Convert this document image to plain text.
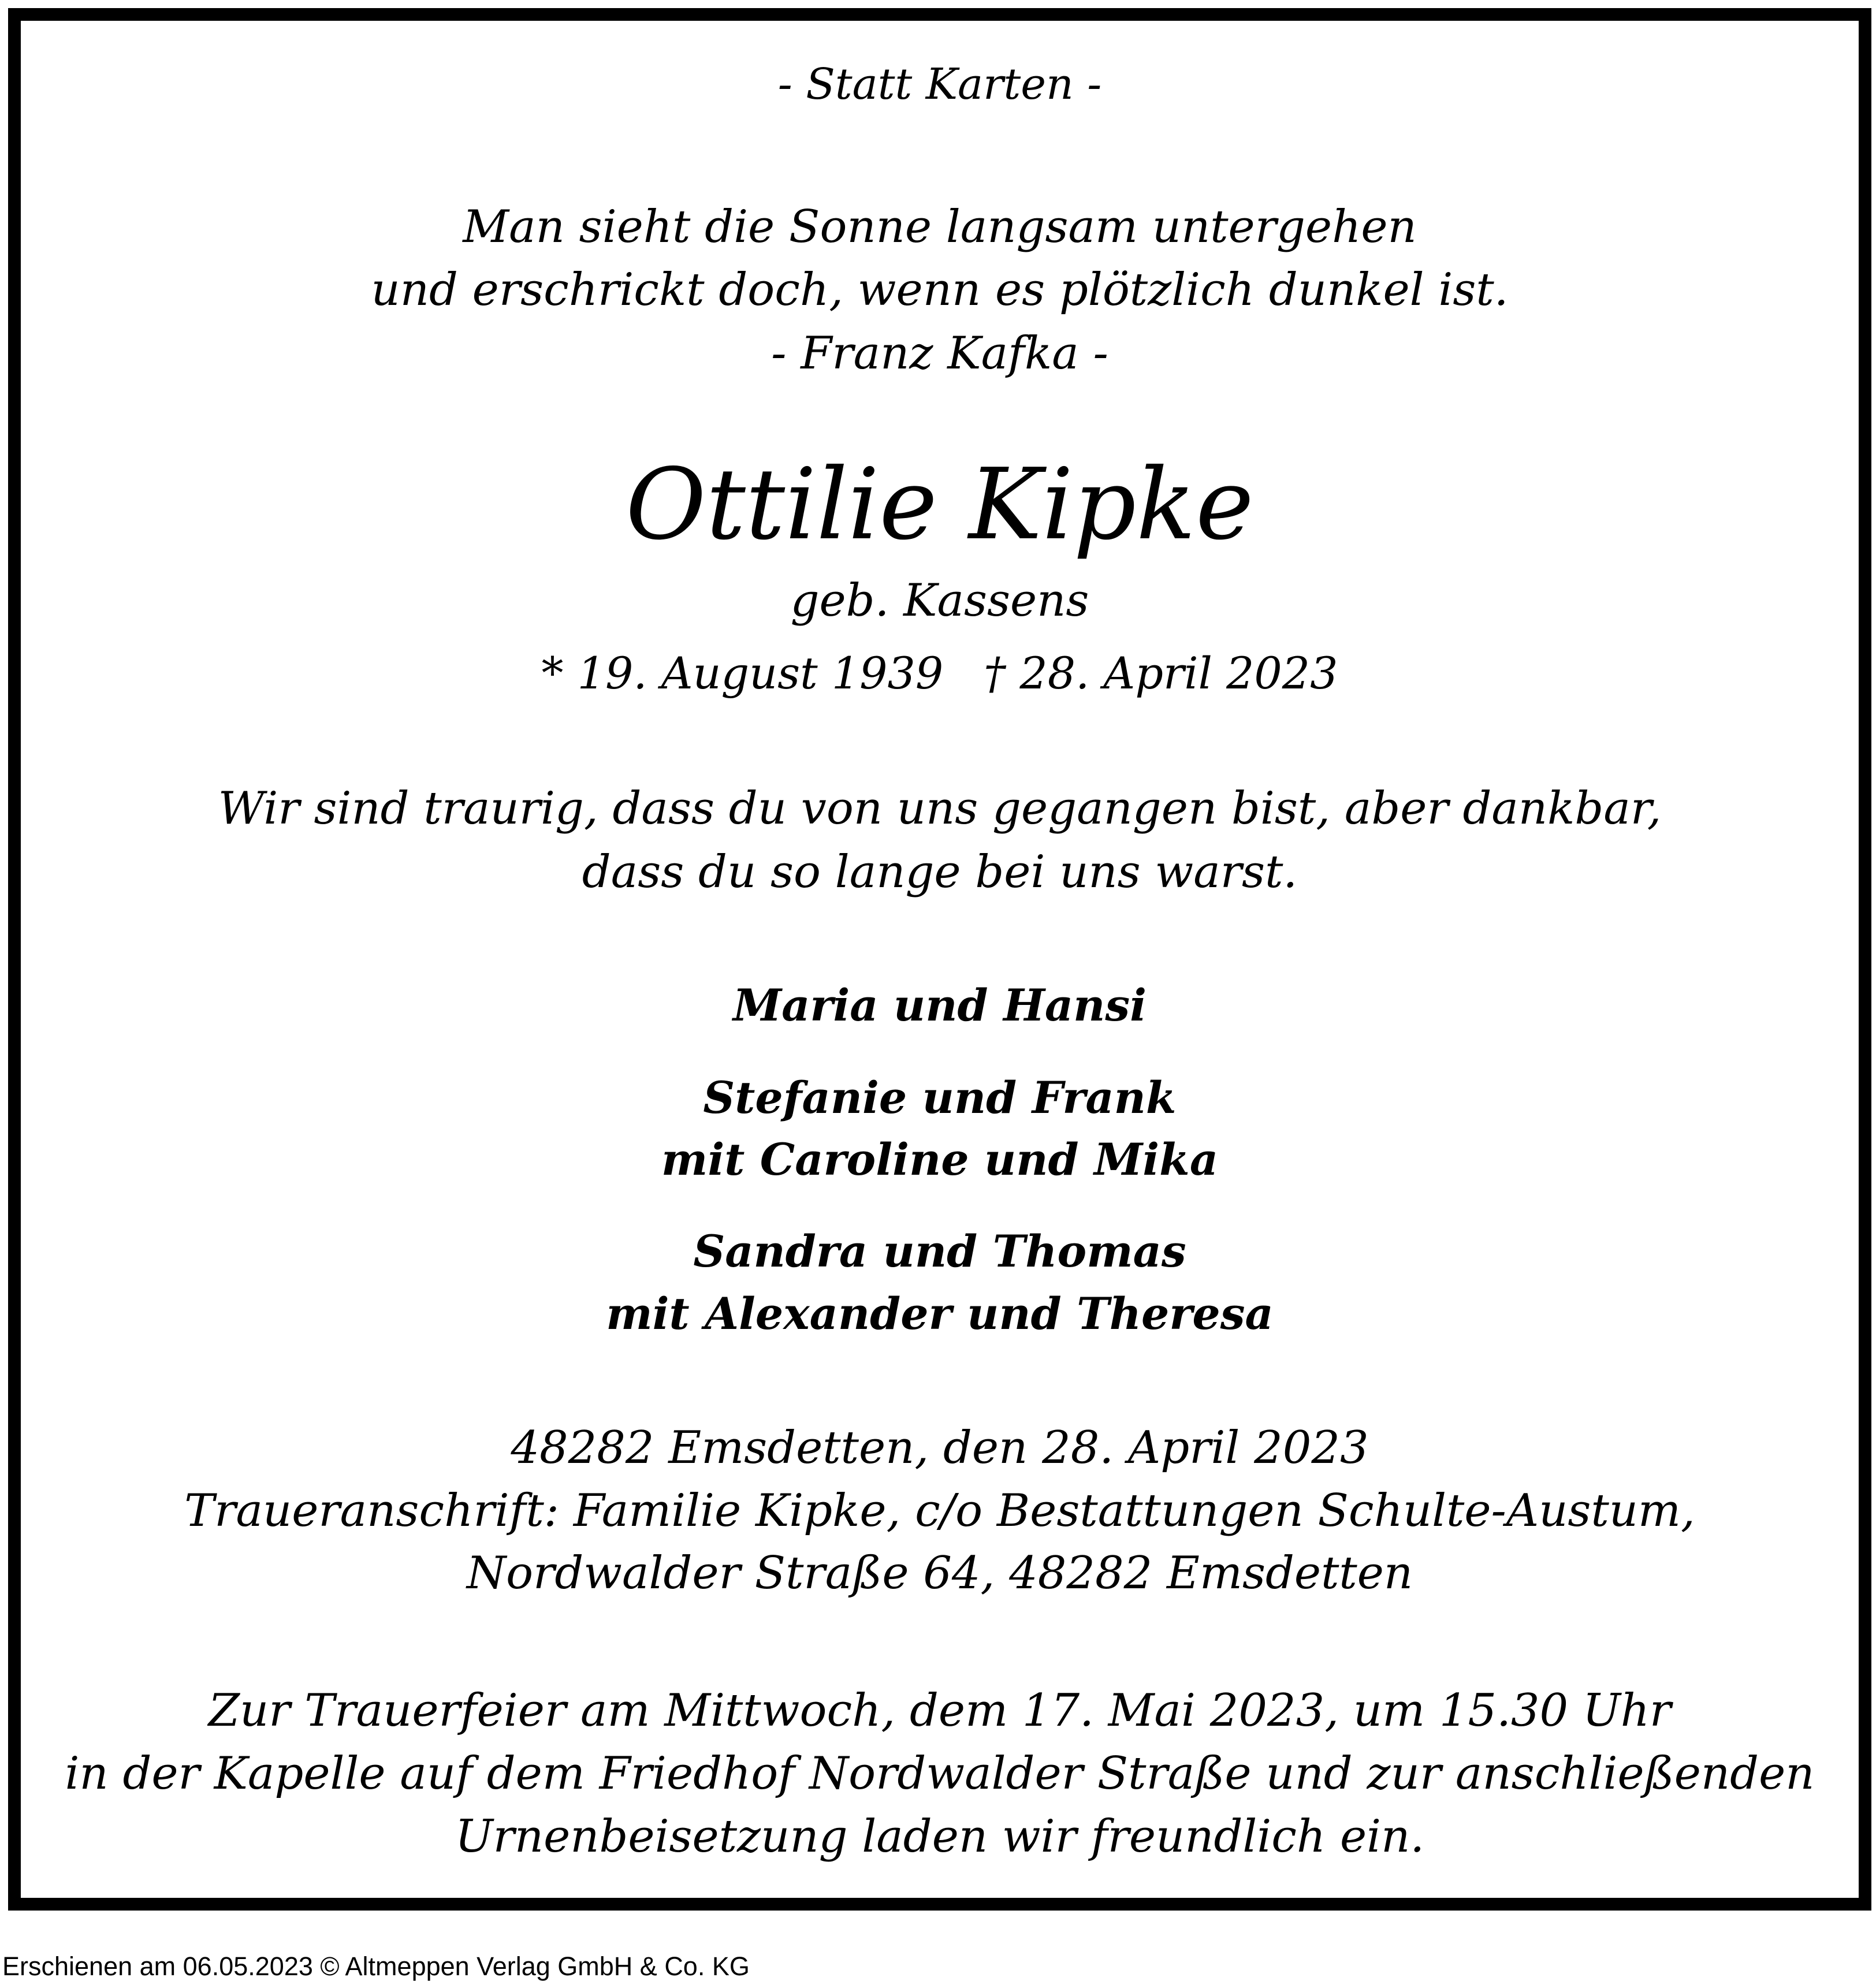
- Statt Karten -
Man sieht die Sonne langsam untergehen
und erschrickt doch, wenn es plötzlich dunkel ist.
- Franz Kafka -
Ottilie Kipke
geb. Kassens
* 19. August 1939 † 28. April 2023
Wir sind traurig, dass du von uns gegangen bist, aber dankbar,
dass du so lange bei uns warst.
Maria und Hansi
Stefanie und Frank
mit Caroline und Mika
Sandra und Thomas
mit Alexander und Theresa
48282 Emsdetten, den 28. April 2023
Traueranschrift: Familie Kipke, c/o Bestattungen Schulte-Austum,
Nordwalder Straße 64, 48282 Emsdetten
Zur Trauerfeier am Mittwoch, dem 17. Mai 2023, um 15.30 Uhr
in der Kapelle auf dem Friedhof Nordwalder Straße und zur anschließenden
Urnenbeisetzung laden wir freundlich ein.
Erschienen am 06.05.2023 © Altmeppen Verlag GmbH & Co. KG
